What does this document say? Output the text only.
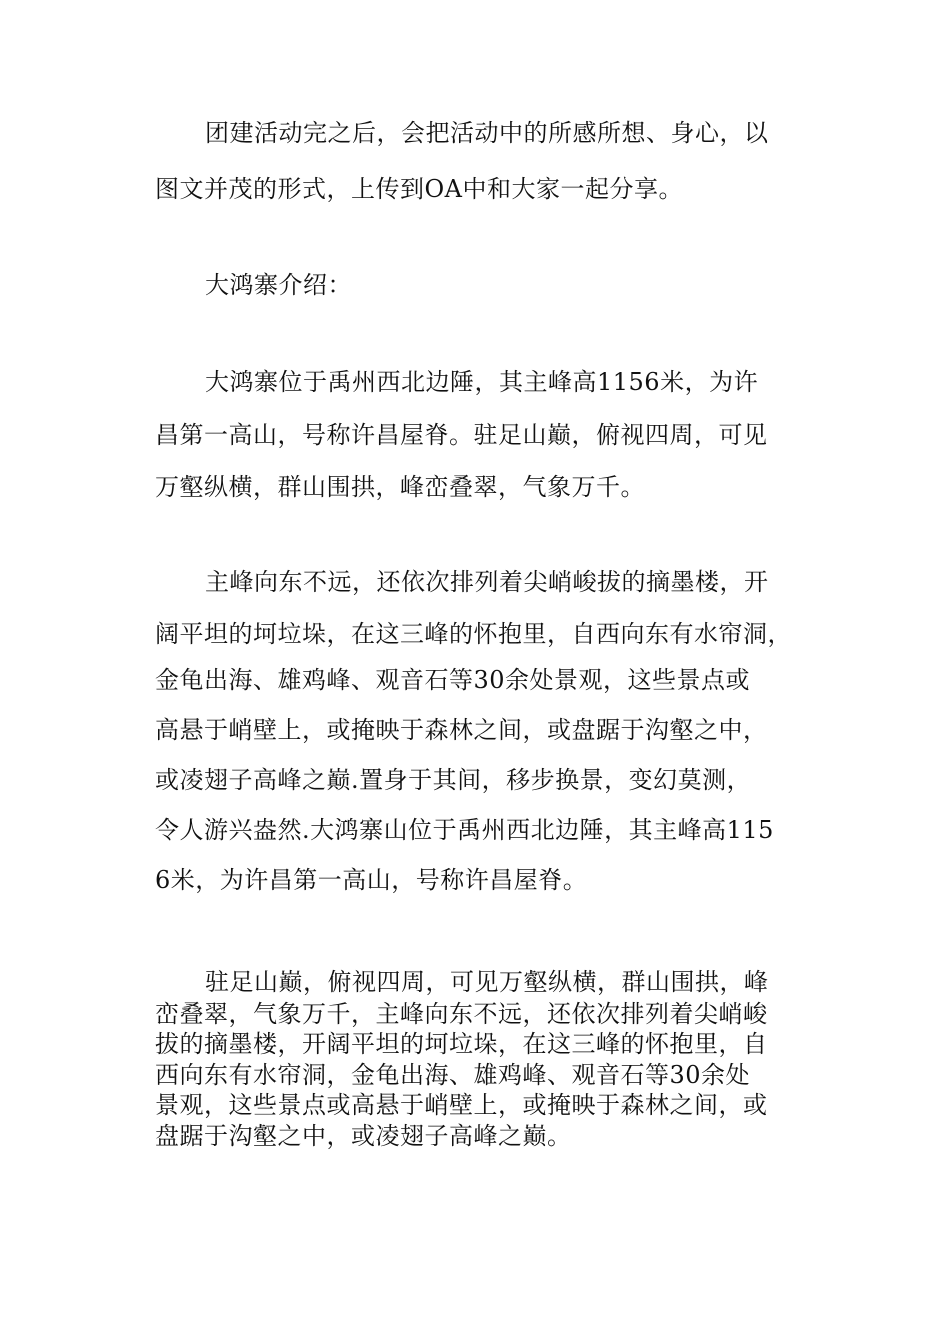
团建活动完之后，会把活动中的所感所想、身心，以
图文并茂的形式，上传到OA中和大家一起分享。
大鸿寨介绍：
大鸿寨位于禹州西北边陲，其主峰高1156米，为许
昌第一高山，号称许昌屋脊。驻足山巅，俯视四周，可见
万壑纵横，群山围拱，峰峦叠翠，气象万千。
主峰向东不远，还依次排列着尖峭峻拔的摘墨楼，开
阔平坦的坷垃垛，在这三峰的怀抱里，自西向东有水帘洞，
金龟出海、雄鸡峰、观音石等30余处景观，这些景点或
高悬于峭壁上，或掩映于森林之间，或盘踞于沟壑之中，
或凌翅子高峰之巅.置身于其间，移步换景，变幻莫测，
令人游兴盎然.大鸿寨山位于禹州西北边陲，其主峰高115
6米，为许昌第一高山，号称许昌屋脊。
驻足山巅，俯视四周，可见万壑纵横，群山围拱，峰
峦叠翠，气象万千，主峰向东不远，还依次排列着尖峭峻
拔的摘墨楼，开阔平坦的坷垃垛，在这三峰的怀抱里，自
西向东有水帘洞，金龟出海、雄鸡峰、观音石等30余处
景观，这些景点或高悬于峭壁上，或掩映于森林之间，或
盘踞于沟壑之中，或凌翅子高峰之巅。
